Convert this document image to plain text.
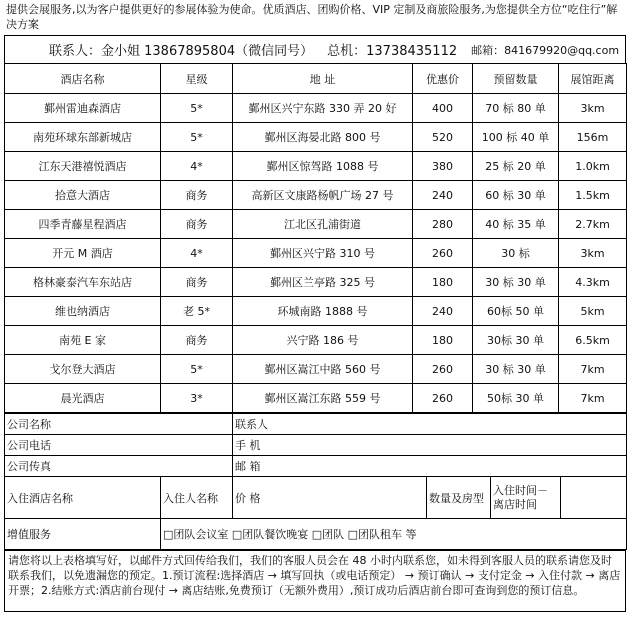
提供会展服务,以为客户提供更好的参展体验为使命。优质酒店、团购价格、VIP 定制及商旅险服务,为您提供全方位“吃住行”解决方案
联系人：金小姐 13867895804（微信同号） 总机：13738435112 邮箱：841679920@qq.com
酒店名称	星级	地 址	优惠价	预留数量	展馆距离
鄞州雷迪森酒店	5*	鄞州区兴宁东路 330 弄 20 好	400	70 标 80 单	3km
南苑环球东部新城店	5*	鄞州区海晏北路 800 号	520	100 标 40 单	156m
江东天港禧悦酒店	4*	鄞州区惊驾路 1088 号	380	25 标 20 单	1.0km
拾意大酒店	商务	高新区文康路杨帆广场 27 号	240	60 标 30 单	1.5km
四季青藤星程酒店	商务	江北区孔浦街道	280	40 标 35 单	2.7km
开元 M 酒店	4*	鄞州区兴宁路 310 号	260	30 标	3km
格林豪泰汽车东站店	商务	鄞州区兰亭路 325 号	180	30 标 30 单	4.3km
维也纳酒店	老 5*	环城南路 1888 号	240	60标 50 单	5km
南苑 E 家	商务	兴宁路 186 号	180	30标 30 单	6.5km
戈尔登大酒店	5*	鄞州区嵩江中路 560 号	260	30 标 30 单	7km
晨光酒店	3*	鄞州区嵩江东路 559 号	260	50标 30 单	7km
公司名称		联系人			
公司电话		手 机			
公司传真		邮 箱			
入住酒店名称	入住人名称	价 格	数量及房型	入住时间－离店时间	
增值服务	□团队会议室 □团队餐饮晚宴 □团队 □团队租车 等				
请您将以上表格填写好，以邮件方式回传给我们，我们的客服人员会在 48 小时内联系您，如未得到客服人员的联系请您及时联系我们，以免遗漏您的预定。1.预订流程:选择酒店 → 填写回执（或电话预定） → 预订确认 → 支付定金 → 入住付款 → 离店开票；2.结账方式:酒店前台现付 → 离店结账,免费预订（无额外费用）,预订成功后酒店前台即可查询到您的预订信息。
